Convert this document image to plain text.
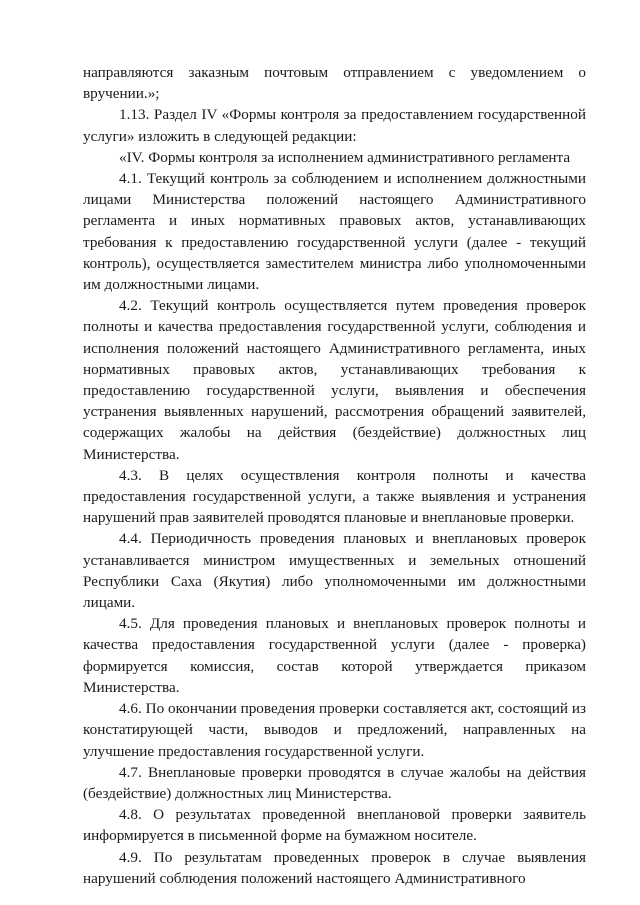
направляются заказным почтовым отправлением с уведомлением о вручении.»;

1.13. Раздел IV «Формы контроля за предоставлением государственной услуги» изложить в следующей редакции:

«IV. Формы контроля за исполнением административного регламента

4.1. Текущий контроль за соблюдением и исполнением должностными лицами Министерства положений настоящего Административного регламента и иных нормативных правовых актов, устанавливающих требования к предоставлению государственной услуги (далее - текущий контроль), осуществляется заместителем министра либо уполномоченными им должностными лицами.

4.2. Текущий контроль осуществляется путем проведения проверок полноты и качества предоставления государственной услуги, соблюдения и исполнения положений настоящего Административного регламента, иных нормативных правовых актов, устанавливающих требования к предоставлению государственной услуги, выявления и обеспечения устранения выявленных нарушений, рассмотрения обращений заявителей, содержащих жалобы на действия (бездействие) должностных лиц Министерства.

4.3. В целях осуществления контроля полноты и качества предоставления государственной услуги, а также выявления и устранения нарушений прав заявителей проводятся плановые и внеплановые проверки.

4.4. Периодичность проведения плановых и внеплановых проверок устанавливается министром имущественных и земельных отношений Республики Саха (Якутия) либо уполномоченными им должностными лицами.

4.5. Для проведения плановых и внеплановых проверок полноты и качества предоставления государственной услуги (далее - проверка) формируется комиссия, состав которой утверждается приказом Министерства.

4.6. По окончании проведения проверки составляется акт, состоящий из констатирующей части, выводов и предложений, направленных на улучшение предоставления государственной услуги.

4.7. Внеплановые проверки проводятся в случае жалобы на действия (бездействие) должностных лиц Министерства.

4.8. О результатах проведенной внеплановой проверки заявитель информируется в письменной форме на бумажном носителе.

4.9. По результатам проведенных проверок в случае выявления нарушений соблюдения положений настоящего Административного
